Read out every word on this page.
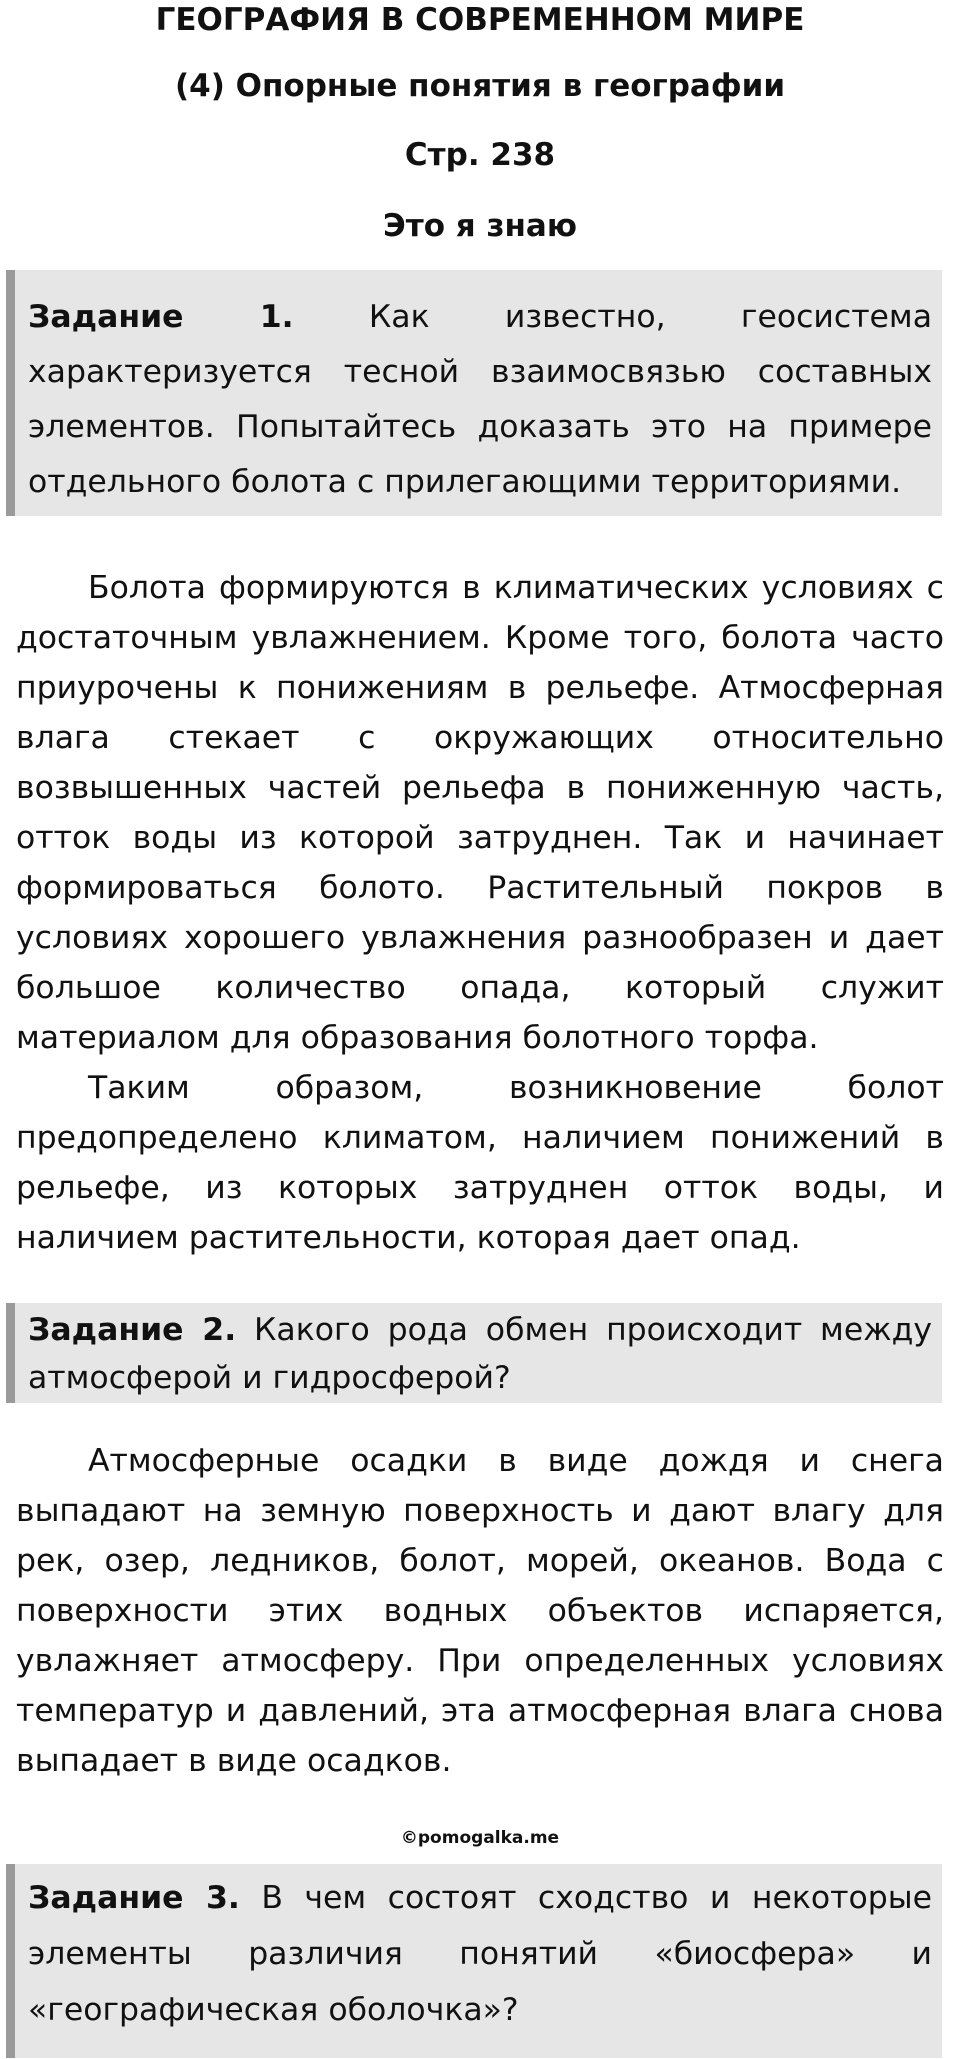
ГЕОГРАФИЯ В СОВРЕМЕННОМ МИРЕ
(4) Опорные понятия в географии
Стр. 238
Это я знаю
Задание 1. Как известно, геосистема характеризуется тесной взаимосвязью составных элементов. Попытайтесь доказать это на примере отдельного болота с прилегающими территориями.

Болота формируются в климатических условиях с достаточным увлажнением. Кроме того, болота часто приурочены к понижениям в рельефе. Атмосферная влага стекает с окружающих относительно возвышенных частей рельефа в пониженную часть, отток воды из которой затруднен. Так и начинает формироваться болото. Растительный покров в условиях хорошего увлажнения разнообразен и дает большое количество опада, который служит материалом для образования болотного торфа.

Таким образом, возникновение болот предопределено климатом, наличием понижений в рельефе, из которых затруднен отток воды, и наличием растительности, которая дает опад.

Задание 2. Какого рода обмен происходит между атмосферой и гидросферой?

Атмосферные осадки в виде дождя и снега выпадают на земную поверхность и дают влагу для рек, озер, ледников, болот, морей, океанов. Вода с поверхности этих водных объектов испаряется, увлажняет атмосферу. При определенных условиях температур и давлений, эта атмосферная влага снова выпадает в виде осадков.

©pomogalka.me
Задание 3. В чем состоят сходство и некоторые элементы различия понятий «биосфера» и «географическая оболочка»?
